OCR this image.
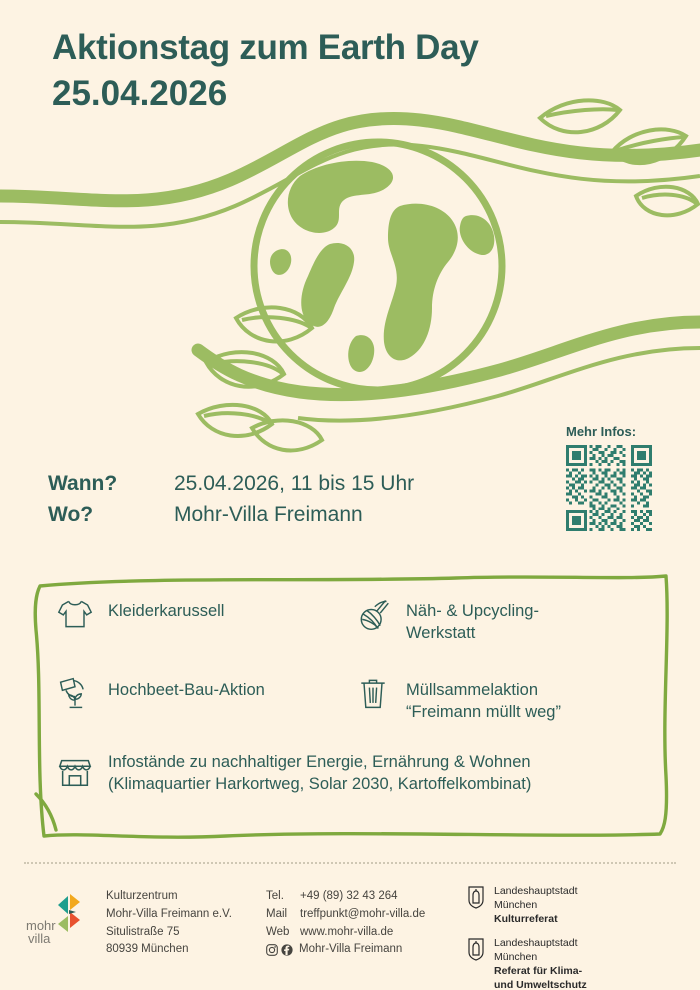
Aktionstag zum Earth Day
25.04.2026
Mehr Infos:
Wann?	25.04.2026, 11 bis 15 Uhr
Wo?	Mohr-Villa Freimann
Kleiderkarussell	Näh- & Upcycling-
Werkstatt
Hochbeet-Bau-Aktion	Müllsammelaktion
“Freimann müllt weg”
Infostände zu nachhaltiger Energie, Ernährung & Wohnen
(Klimaquartier Harkortweg, Solar 2030, Kartoffelkombinat)
mohr
villa
Kulturzentrum
Mohr-Villa Freimann e.V.
Situlistraße 75
80939 München
Tel.	+49 (89) 32 43 264
Mail	treffpunkt@mohr-villa.de
Web www.mohr-villa.de
Mohr-Villa Freimann
Landeshauptstadt
München
Kulturreferat
Landeshauptstadt
München
Referat für Klima-
und Umweltschutz
